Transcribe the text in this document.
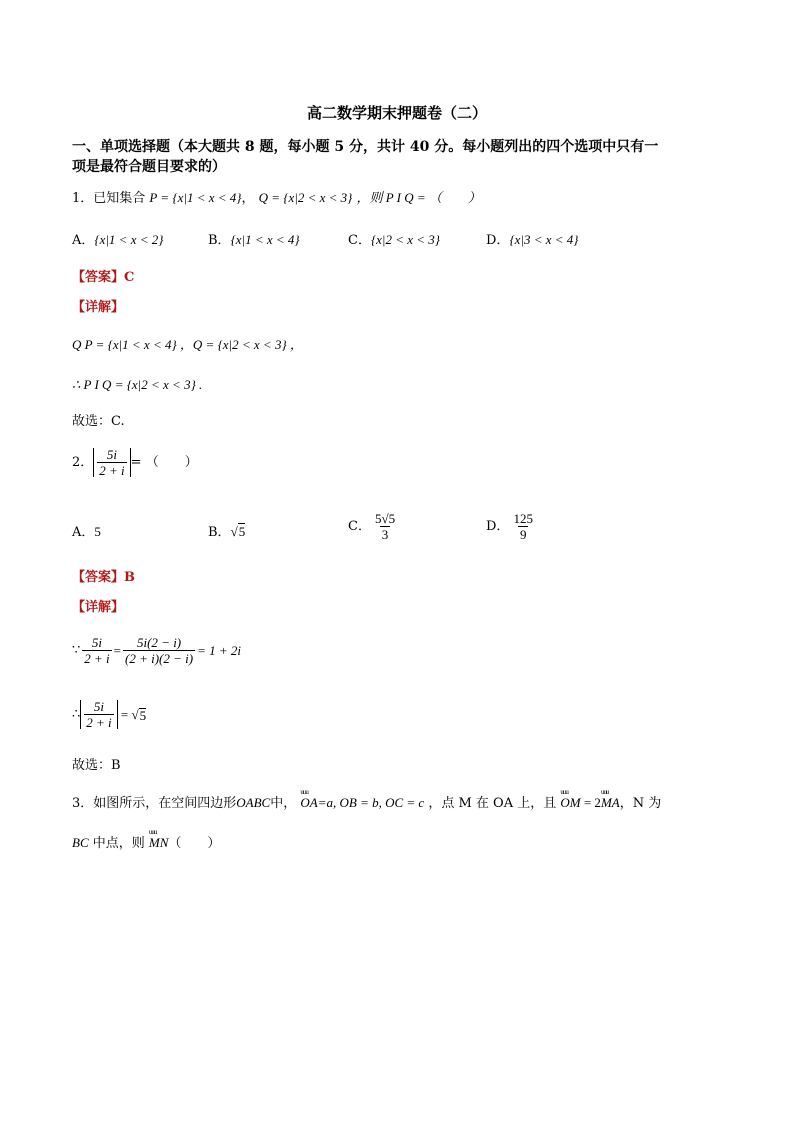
高二数学期末押题卷（二）
一、单项选择题（本大题共 8 题，每小题 5 分，共计 40 分。每小题列出的四个选项中只有一
项是最符合题目要求的）
1．已知集合 P = {x|1 < x < 4}， Q = {x|2 < x < 3} ，则 P I Q = （　　）
A．{x|1 < x < 2}	B．{x|1 < x < 4}	C．{x|2 < x < 3}	D．{x|3 < x < 4}
【答案】C
【详解】
Q P = {x|1 < x < 4} ，Q = {x|2 < x < 3} ，
∴ P I Q = {x|2 < x < 3} .
故选：C.
2． $\frac{5i}{2 + i}$ = （　　）
A．5	B．√5	C． $\frac{5√5}{3}$	D． $\frac{125}{9}$
【答案】B
【详解】
∵ $\frac{5i}{2 + i} = \frac{5i(2 - i)}{(2 + i)(2 - i)} = 1 + 2i$
∴ $\frac{5i}{2 + i}$ = √ 5
故选：B
3．如图所示，在空间四边形OABC中， uuu OA=a, OB = b, OC = c ，点 M 在 OA 上，且 uuu OM = 2uuu MA，N 为
BC 中点，则 uuu MN（　　）
